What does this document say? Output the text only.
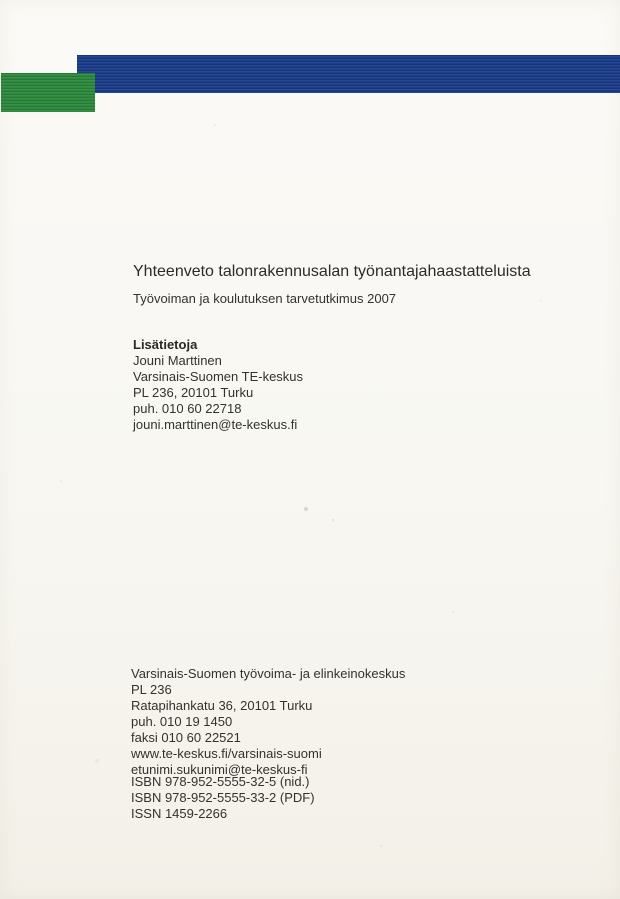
Yhteenveto talonrakennusalan työnantajahaastatteluista

Työvoiman ja koulutuksen tarvetutkimus 2007

Lisätietoja
Jouni Marttinen
Varsinais-Suomen TE-keskus
PL 236, 20101 Turku
puh. 010 60 22718
jouni.marttinen@te-keskus.fi
Varsinais-Suomen työvoima- ja elinkeinokeskus
PL 236
Ratapihankatu 36, 20101 Turku
puh. 010 19 1450
faksi 010 60 22521
www.te-keskus.fi/varsinais-suomi
etunimi.sukunimi@te-keskus-fi
ISBN 978-952-5555-32-5 (nid.)
ISBN 978-952-5555-33-2 (PDF)
ISSN 1459-2266
